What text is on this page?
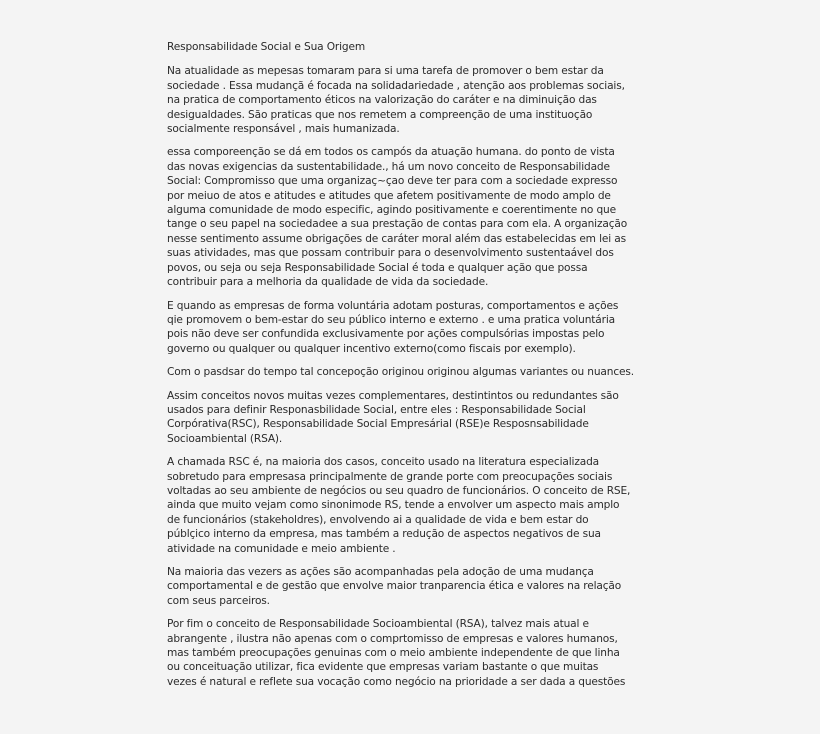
Responsabilidade Social e Sua Origem
Na atualidade as mepesas tomaram para si uma tarefa de promover o bem estar da
sociedade . Essa mudançã é focada na solidadariedade , atenção aos problemas sociais,
na pratica de comportamento éticos na valorização do caráter e na diminuição das
desigualdades. São praticas que nos remetem a compreenção de uma instituoção
socialmente responsável , mais humanizada.
essa comporeenção se dá em todos os campós da atuação humana. do ponto de vista
das novas exigencias da sustentabilidade., há um novo conceito de Responsabilidade
Social: Compromisso que uma organizaç~çao deve ter para com a sociedade expresso
por meiuo de atos e atitudes e atitudes que afetem positivamente de modo amplo de
alguma comunidade de modo especific, agindo positivamente e coerentimente no que
tange o seu papel na sociedadee a sua prestação de contas para com ela. A organização
nesse sentimento assume obrigações de caráter moral além das estabelecidas em lei as
suas atividades, mas que possam contribuir para o desenvolvimento sustentaável dos
povos, ou seja ou seja Responsabilidade Social é toda e qualquer ação que possa
contribuir para a melhoria da qualidade de vida da sociedade.
E quando as empresas de forma voluntária adotam posturas, comportamentos e ações
qie promovem o bem-estar do seu público interno e externo . e uma pratica voluntária
pois não deve ser confundida exclusivamente por ações compulsórias impostas pelo
governo ou qualquer ou qualquer incentivo externo(como fiscais por exemplo).
Com o pasdsar do tempo tal concepoção originou originou algumas variantes ou nuances.
Assim conceitos novos muitas vezes complementares, destintintos ou redundantes são
usados para definir Responasbilidade Social, entre eles : Responsabilidade Social
Corpórativa(RSC), Responsabilidade Social Empresárial (RSE)e Resposnsabilidade
Socioambiental (RSA).
A chamada RSC é, na maioria dos casos, conceito usado na literatura especializada
sobretudo para empresasa principalmente de grande porte com preocupações sociais
voltadas ao seu ambiente de negócios ou seu quadro de funcionários. O conceito de RSE,
ainda que muito vejam como sinonimode RS, tende a envolver um aspecto mais amplo
de funcionários (stakeholdres), envolvendo ai a qualidade de vida e bem estar do
públçico interno da empresa, mas também a redução de aspectos negativos de sua
atividade na comunidade e meio ambiente .
Na maioria das vezers as ações são acompanhadas pela adoção de uma mudança
comportamental e de gestão que envolve maior tranparencia ética e valores na relação
com seus parceiros.
Por fim o conceito de Responsabilidade Socioambiental (RSA), talvez mais atual e
abrangente , ilustra não apenas com o comprtomisso de empresas e valores humanos,
mas também preocupações genuinas com o meio ambiente independente de que linha
ou conceituação utilizar, fica evidente que empresas variam bastante o que muitas
vezes é natural e reflete sua vocação como negócio na prioridade a ser dada a questões
